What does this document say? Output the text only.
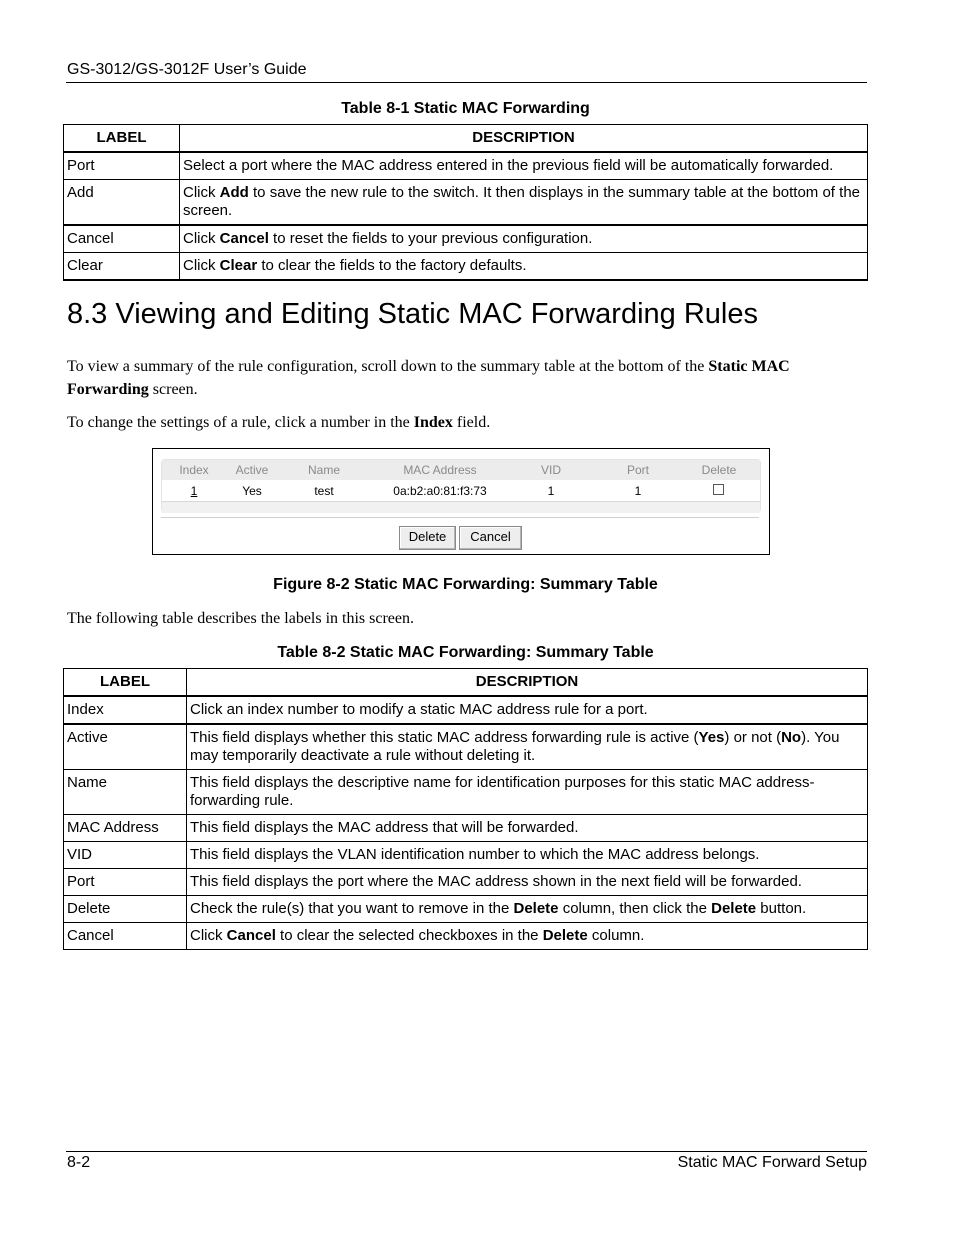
GS-3012/GS-3012F User’s Guide
Table 8-1 Static MAC Forwarding
LABEL	DESCRIPTION
Port	Select a port where the MAC address entered in the previous field will be automatically forwarded.
Add	Click Add to save the new rule to the switch. It then displays in the summary table at the bottom of the screen.
Cancel	Click Cancel to reset the fields to your previous configuration.
Clear	Click Clear to clear the fields to the factory defaults.
8.3 Viewing and Editing Static MAC Forwarding Rules
To view a summary of the rule configuration, scroll down to the summary table at the bottom of the Static MAC Forwarding screen.
To change the settings of a rule, click a number in the Index field.
Index	Active	Name	MAC Address	VID	Port	Delete
1	Yes	test	0a:b2:a0:81:f3:73	1	1
Delete	Cancel
Figure 8-2 Static MAC Forwarding: Summary Table
The following table describes the labels in this screen.
Table 8-2 Static MAC Forwarding: Summary Table
LABEL	DESCRIPTION
Index	Click an index number to modify a static MAC address rule for a port.
Active	This field displays whether this static MAC address forwarding rule is active (Yes) or not (No). You may temporarily deactivate a rule without deleting it.
Name	This field displays the descriptive name for identification purposes for this static MAC address-forwarding rule.
MAC Address	This field displays the MAC address that will be forwarded.
VID	This field displays the VLAN identification number to which the MAC address belongs.
Port	This field displays the port where the MAC address shown in the next field will be forwarded.
Delete	Check the rule(s) that you want to remove in the Delete column, then click the Delete button.
Cancel	Click Cancel to clear the selected checkboxes in the Delete column.
8-2	Static MAC Forward Setup
